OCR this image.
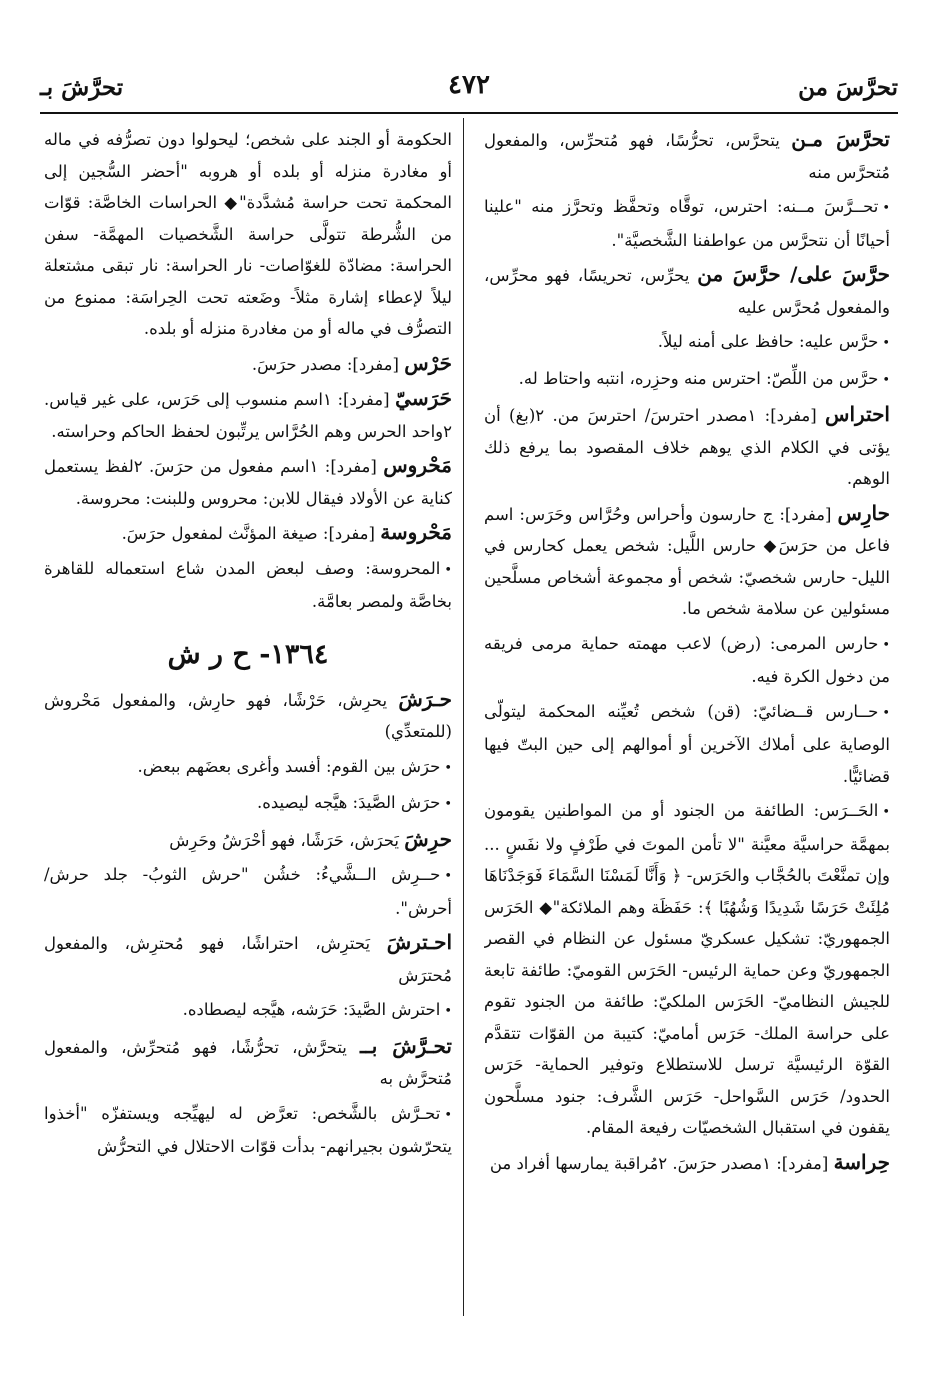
تحرَّسَ من
٤٧٢
تحرَّشَ بـ

تحرَّسَ مـن يتحرَّس، تحرُّسًا، فهو مُتحرِّس، والمفعول مُتحرَّس منه

•تحــرَّسَ مــنه: احترس، توقَّاه وتحفَّظ وتحرَّز منه "علينا أحيانًا أن نتحرَّس من عواطفنا الشَّخصيَّة".

حرَّسَ على/ حرَّسَ من يحرِّس، تحريسًا، فهو محرِّس، والمفعول مُحرَّس عليه

•حرَّس عليه: حافظ على أمنه ليلاً.

•حرَّس من اللِّصّ: احترس منه وحزِره، انتبه واحتاط له.

احتراس [مفرد]: ١مصدر احترسَ/ احترسَ من. ٢(بغ) أن يؤتى في الكلام الذي يوهم خلاف المقصود بما يرفع ذلك الوهم.

حارِس [مفرد]: ج حارسون وأحراس وحُرَّاس وحَرَس: اسم فاعل من حرَسَ◆ حارس اللَّيل: شخص يعمل كحارس في الليل- حارس شخصيّ: شخص أو مجموعة أشخاص مسلَّحين مسئولين عن سلامة شخص ما.

•حارس المرمى: (رض) لاعب مهمته حماية مرمى فريقه من دخول الكرة فيه.

•حــارس قــضائيّ: (قن) شخص تُعيِّنه المحكمة ليتولّى الوصاية على أملاك الآخرين أو أموالهم إلى حين البتّ فيها قضائيًّا.

•الحَــرَس: الطائفة من الجنود أو من المواطنين يقومون بمهمَّة حراسيَّة معيَّنة "لا تأمن الموتَ في طَرْفٍ ولا نفَسٍ ... وإن تمنَّعْتَ بالحُجَّاب والحَرَس- ﴿ وَأَنَّا لَمَسْنَا السَّمَاءَ فَوَجَدْنَاهَا مُلِئَتْ حَرَسًا شَدِيدًا وَشُهُبًا ﴾: حَفَظَة وهم الملائكة"◆ الحَرَس الجمهوريّ: تشكيل عسكريّ مسئول عن النظام في القصر الجمهوريّ وعن حماية الرئيس- الحَرَس القوميّ: طائفة تابعة للجيش النظاميّ- الحَرَس الملكيّ: طائفة من الجنود تقوم على حراسة الملك- حَرَس أماميّ: كتيبة من القوّات تتقدَّم القوّة الرئيسيَّة ترسل للاستطلاع وتوفير الحماية- حَرَس الحدود/ حَرَس السَّواحل- حَرَس الشَّرف: جنود مسلَّحون يقفون في استقبال الشخصيّات رفيعة المقام.

حِراسة [مفرد]: ١مصدر حرَسَ. ٢مُراقبة يمارسها أفراد من

الحكومة أو الجند على شخص؛ ليحولوا دون تصرُّفه في ماله أو مغادرة منزله أو بلده أو هروبه "أحضر السُّجين إلى المحكمة تحت حراسة مُشدَّدة"◆ الحراسات الخاصَّة: قوّات من الشُّرطة تتولَّى حراسة الشَّخصيات المهمَّة- سفن الحراسة: مضادّة للغوّاصات- نار الحراسة: نار تبقى مشتعلة ليلاً لإعطاء إشارة مثلاً- وضَعته تحت الحِراسَة: ممنوع من التصرُّف في ماله أو من مغادرة منزله أو بلده.

حَرْس [مفرد]: مصدر حرَسَ.

حَرَسيّ [مفرد]: ١اسم منسوب إلى حَرَس، على غير قياس. ٢واحد الحرس وهم الحُرَّاس يرتِّبون لحفظ الحاكم وحراسته.

مَحْروس [مفرد]: ١اسم مفعول من حرَسَ. ٢لفظ يستعمل كناية عن الأولاد فيقال للابن: محروس وللبنت: محروسة.

مَحْروسة [مفرد]: صيغة المؤنَّث لمفعول حرَسَ.

•المحروسة: وصف لبعض المدن شاع استعماله للقاهرة بخاصَّة ولمصر بعامَّة.

١٣٦٤- ح ر ش

حـرَشَ يحرِش، حَرْشًا، فهو حارِش، والمفعول مَحْروش (للمتعدِّي)

•حرَش بين القوم: أفسد وأغرى بعضَهم ببعض.

•حرَش الصَّيدَ: هيَّجه ليصيده.

حرِشَ يَحرَش، حَرَشًا، فهو أحْرَشُ وحَرِش

•حــرِش الــشَّيءُ: خشُن "حرش الثوبُ- جلد حرش/ أحرش".

احـترشَ يَحترِش، احتراشًا، فهو مُحترِش، والمفعول مُحترَش

•احترش الصَّيدَ: حَرَشه، هيَّجه ليصطاده.

تحـرَّشَ بــ يتحرَّش، تحرُّشًا، فهو مُتحرِّش، والمفعول مُتحرَّش به

•تحـرَّش بالشَّخص: تعرَّض له ليهيِّجه ويستفزّه "أخذوا يتحرّشون بجيرانهم- بدأت قوّات الاحتلال في التحرُّش
